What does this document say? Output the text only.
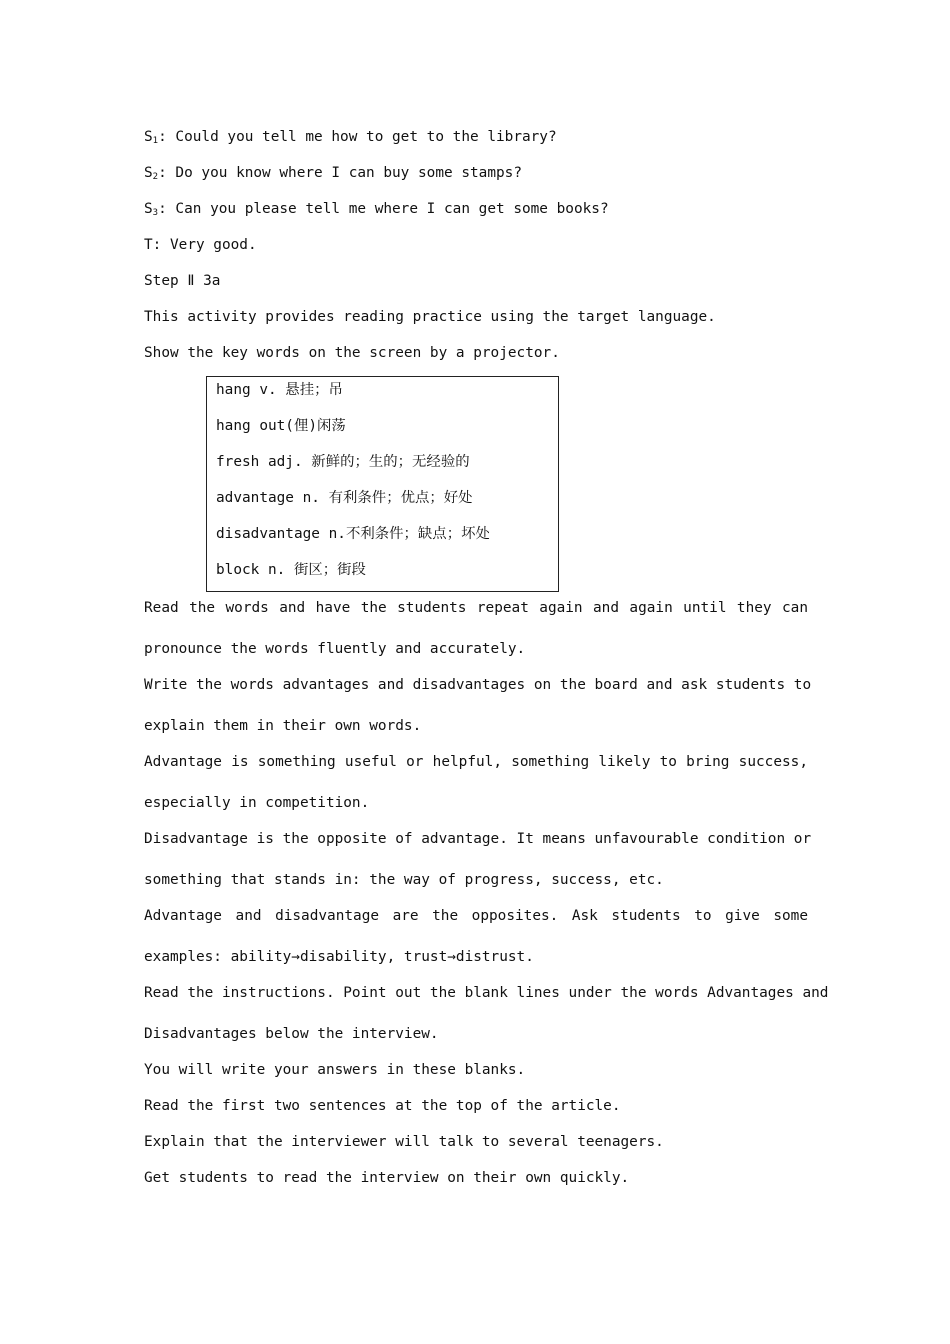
$S_1$: Could you tell me how to get to the library?
$S_2$: Do you know where I can buy some stamps?
$S_3$: Can you please tell me where I can get some books?
T: Very good.
Step Ⅱ 3a
This activity provides reading practice using the target language.
Show the key words on the screen by a projector.
hang v. 悬挂；吊
hang out(俚)闲荡
fresh adj. 新鲜的；生的；无经验的
advantage n. 有利条件；优点；好处
disadvantage n.不利条件；缺点；坏处
block n. 街区；街段
Read the words and have the students repeat again and again until they can
pronounce the words fluently and accurately.
Write the words advantages and disadvantages on the board and ask students to
explain them in their own words.
Advantage is something useful or helpful, something likely to bring success,
especially in competition.
Disadvantage is the opposite of advantage. It means unfavourable condition or
something that stands in: the way of progress, success, etc.
Advantage and disadvantage are the opposites. Ask students to give some
examples: ability→disability, trust→distrust.
Read the instructions. Point out the blank lines under the words Advantages and
Disadvantages below the interview.
You will write your answers in these blanks.
Read the first two sentences at the top of the article.
Explain that the interviewer will talk to several teenagers.
Get students to read the interview on their own quickly.
